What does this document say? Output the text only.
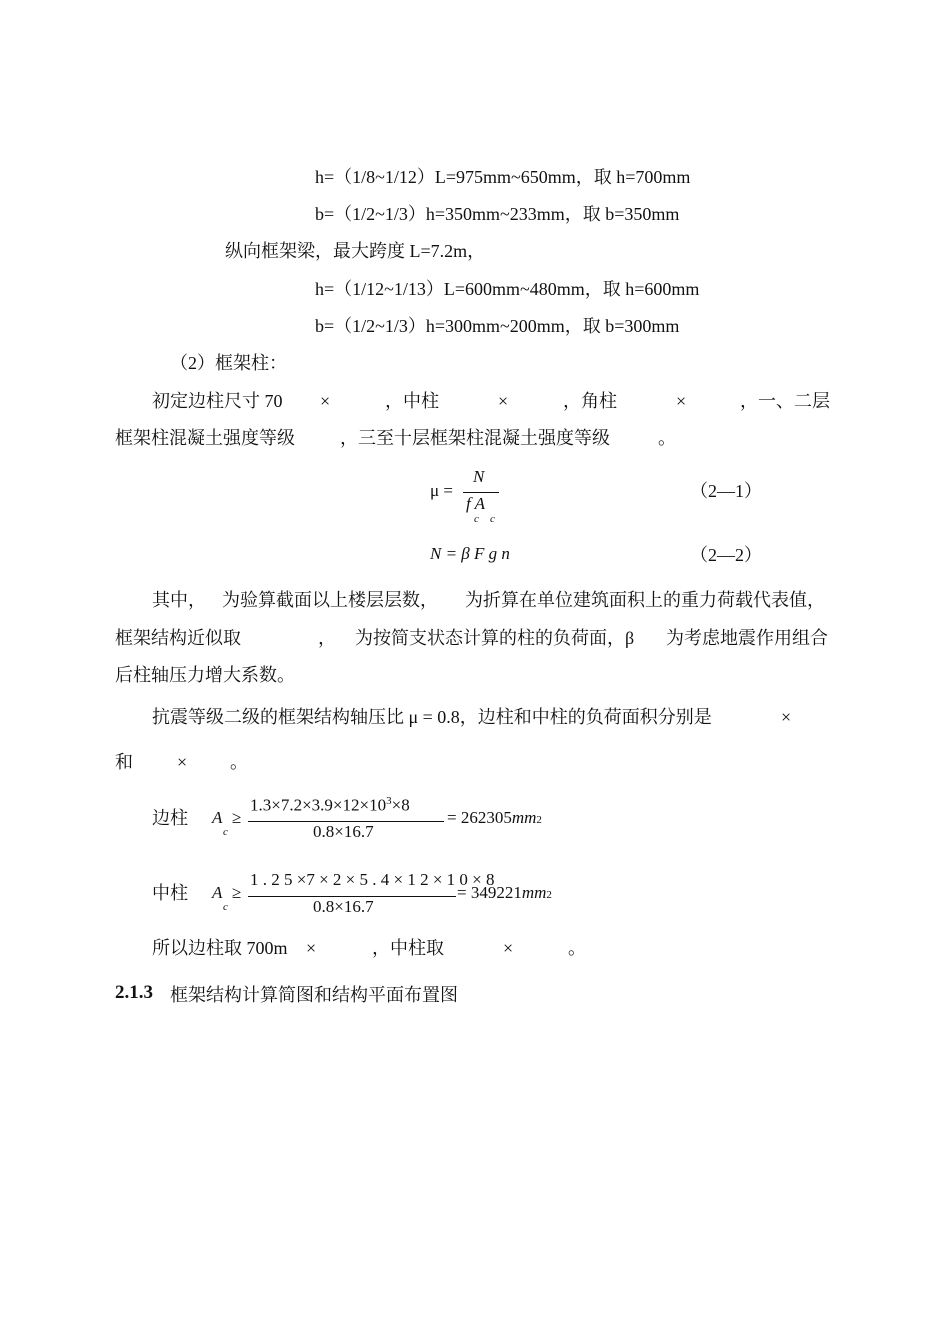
h=（1/8~1/12）L=975mm~650mm，取 h=700mm
b=（1/2~1/3）h=350mm~233mm，取 b=350mm
纵向框架梁，最大跨度 L=7.2m，
h=（1/12~1/13）L=600mm~480mm，取 h=600mm
b=（1/2~1/3）h=300mm~200mm，取 b=300mm
（2）框架柱：
初定边柱尺寸 70 ×	，中柱	×	，角柱	×	，一、二层
框架柱混凝土强度等级	，三至十层框架柱混凝土强度等级	。
μ =
N
f A
c c
（2—1）
N = β F g n	（2—2）
其中， 为验算截面以上楼层层数， 为折算在单位建筑面积上的重力荷载代表值，
框架结构近似取	， 为按简支状态计算的柱的负荷面，β 为考虑地震作用组合
后柱轴压力增大系数。
抗震等级二级的框架结构轴压比 μ = 0.8，边柱和中柱的负荷面积分别是	×
和 × 。
边柱 A
c
≥
$1.3\times 7.2\times 3.9\times 12\times 10^3\times 8$
0.8×16.7
= 262305mm2
中柱 A
c
≥
1 . 2 5 ×7 × 2 × 5 . 4 × 1 2 × 1 0 × 8
0.8×16.7
= 349221mm2
所以边柱取 700m ×	，中柱取	×	。
2.1.3 框架结构计算简图和结构平面布置图
